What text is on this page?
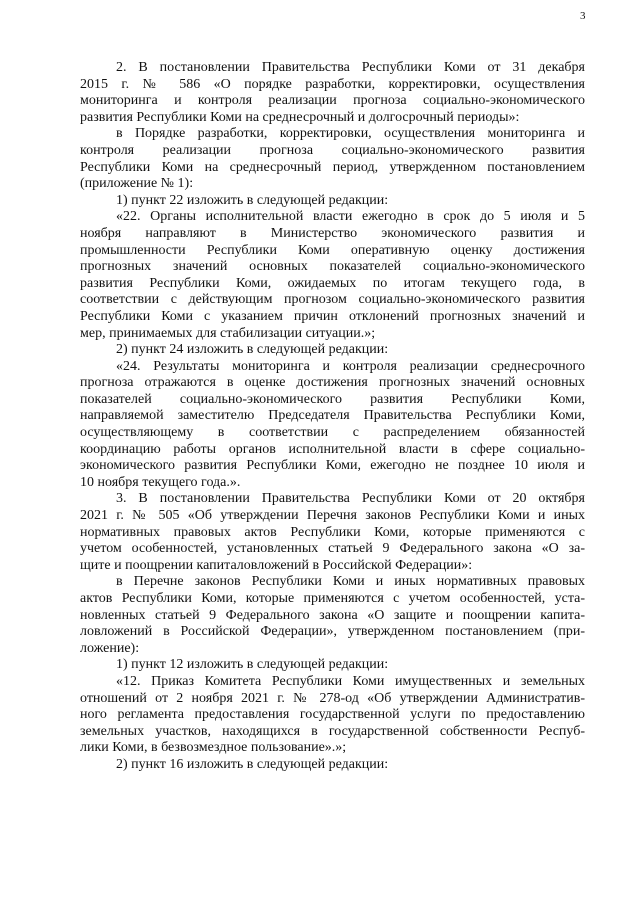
3
2. В постановлении Правительства Республики Коми от 31 декабря
2015 г. № 586 «О порядке разработки, корректировки, осуществления
мониторинга и контроля реализации прогноза социально-экономического
развития Республики Коми на среднесрочный и долгосрочный периоды»:
в Порядке разработки, корректировки, осуществления мониторинга и
контроля реализации прогноза социально-экономического развития
Республики Коми на среднесрочный период, утвержденном постановлением
(приложение № 1):
1) пункт 22 изложить в следующей редакции:
«22. Органы исполнительной власти ежегодно в срок до 5 июля и 5
ноября направляют в Министерство экономического развития и
промышленности Республики Коми оперативную оценку достижения
прогнозных значений основных показателей социально-экономического
развития Республики Коми, ожидаемых по итогам текущего года, в
соответствии с действующим прогнозом социально-экономического развития
Республики Коми с указанием причин отклонений прогнозных значений и
мер, принимаемых для стабилизации ситуации.»;
2) пункт 24 изложить в следующей редакции:
«24. Результаты мониторинга и контроля реализации среднесрочного
прогноза отражаются в оценке достижения прогнозных значений основных
показателей социально-экономического развития Республики Коми,
направляемой заместителю Председателя Правительства Республики Коми,
осуществляющему в соответствии с распределением обязанностей
координацию работы органов исполнительной власти в сфере социально-
экономического развития Республики Коми, ежегодно не позднее 10 июля и
10 ноября текущего года.».
3. В постановлении Правительства Республики Коми от 20 октября
2021 г. № 505 «Об утверждении Перечня законов Республики Коми и иных
нормативных правовых актов Республики Коми, которые применяются с
учетом особенностей, установленных статьей 9 Федерального закона «О за-
щите и поощрении капиталовложений в Российской Федерации»:
в Перечне законов Республики Коми и иных нормативных правовых
актов Республики Коми, которые применяются с учетом особенностей, уста-
новленных статьей 9 Федерального закона «О защите и поощрении капита-
ловложений в Российской Федерации», утвержденном постановлением (при-
ложение):
1) пункт 12 изложить в следующей редакции:
«12. Приказ Комитета Республики Коми имущественных и земельных
отношений от 2 ноября 2021 г. № 278-од «Об утверждении Административ-
ного регламента предоставления государственной услуги по предоставлению
земельных участков, находящихся в государственной собственности Респуб-
лики Коми, в безвозмездное пользование».»;
2) пункт 16 изложить в следующей редакции:
